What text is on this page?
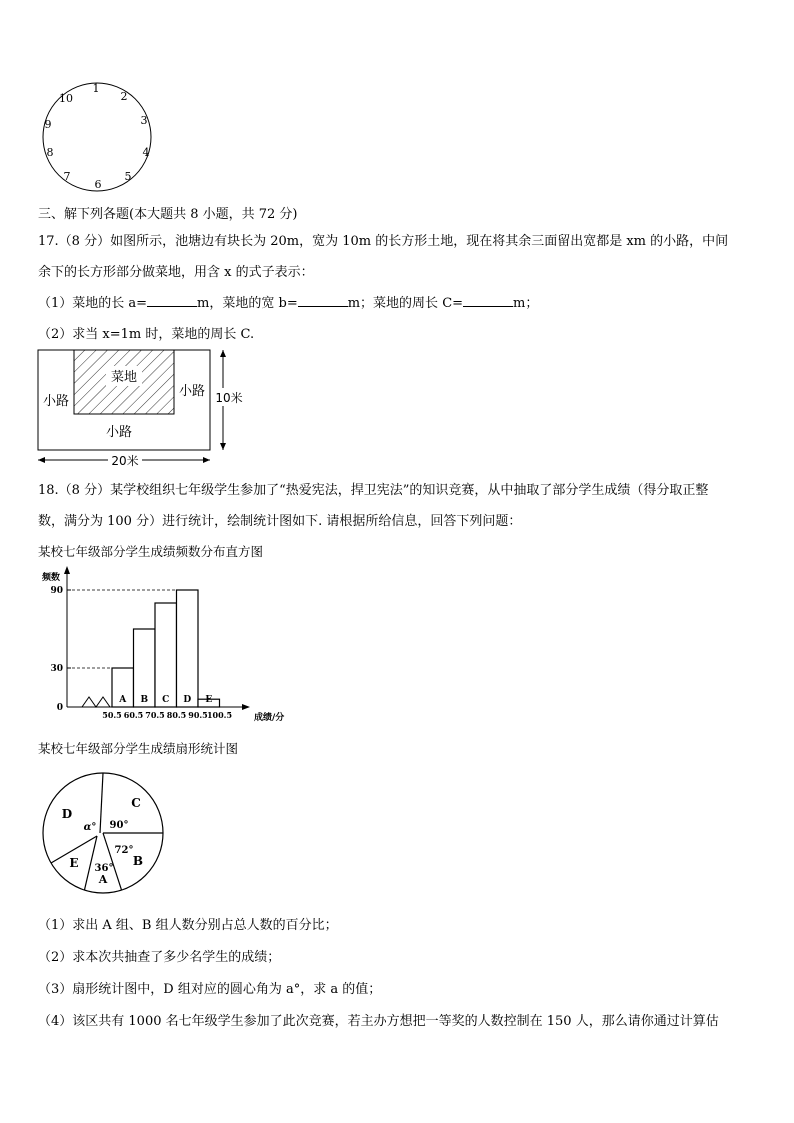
1
2
3
4
5
6
7
8
9
10
三、解下列各题(本大题共 8 小题，共 72 分)
17.（8 分）如图所示，池塘边有块长为 20m，宽为 10m 的长方形土地，现在将其余三面留出宽都是 xm 的小路，中间
余下的长方形部分做菜地，用含 x 的式子表示：
（1）菜地的长 a=	m，菜地的宽 b=	m；菜地的周长 C=	m；
（2）求当 x=1m 时，菜地的周长 C.
菜地
小路
小路
小路
10米
20米
18.（8 分）某学校组织七年级学生参加了“热爱宪法，捍卫宪法”的知识竞赛，从中抽取了部分学生成绩（得分取正整
数，满分为 100 分）进行统计，绘制统计图如下. 请根据所给信息，回答下列问题：
某校七年级部分学生成绩频数分布直方图
频数
成绩/分
0
30
90
A B C D E
50.5 60.5 70.5 80.5 90.5 100.5
某校七年级部分学生成绩扇形统计图
D
C
B
A
E
α° 90°
72°
36°
（1）求出 A 组、B 组人数分别占总人数的百分比；
（2）求本次共抽查了多少名学生的成绩；
（3）扇形统计图中，D 组对应的圆心角为 a°，求 a 的值；
（4）该区共有 1000 名七年级学生参加了此次竞赛，若主办方想把一等奖的人数控制在 150 人，那么请你通过计算估
